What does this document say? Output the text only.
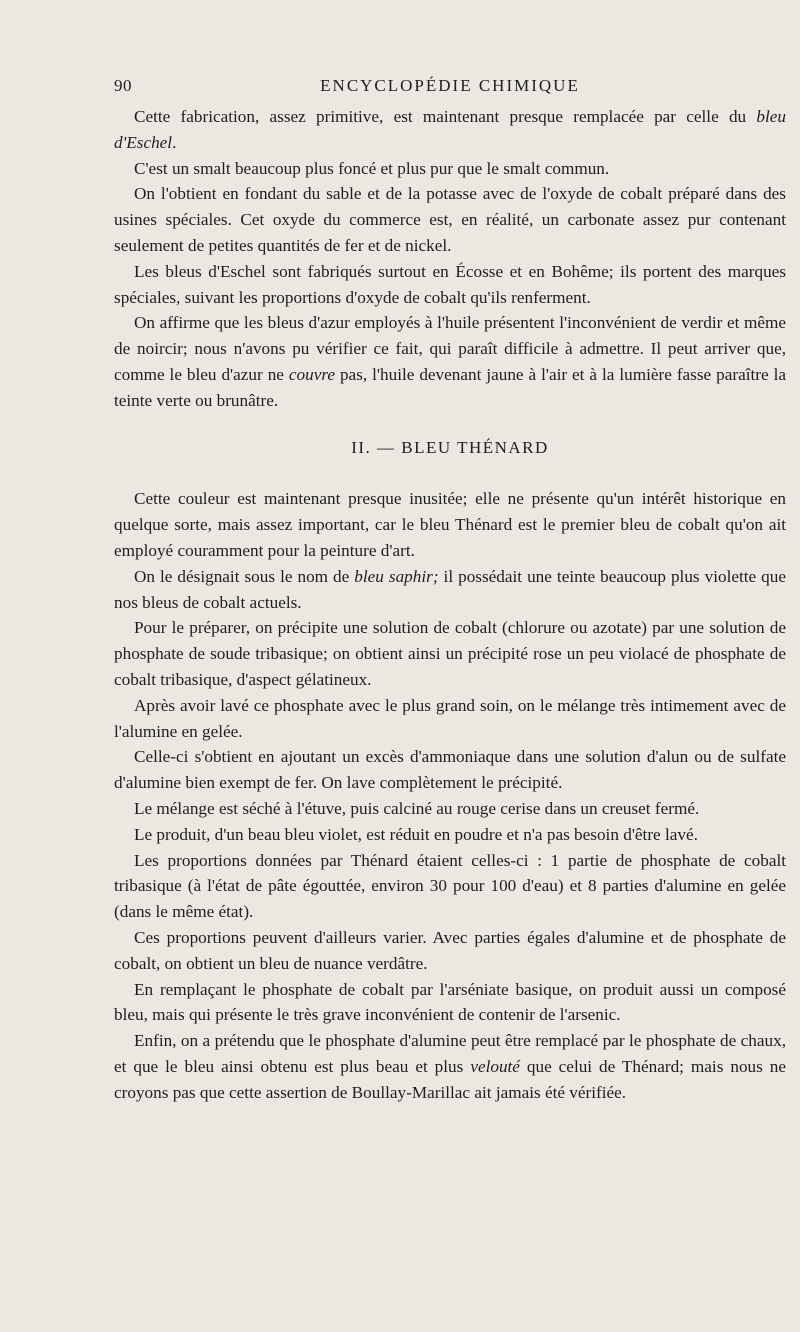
90	ENCYCLOPÉDIE CHIMIQUE

Cette fabrication, assez primitive, est maintenant presque remplacée par celle du bleu d'Eschel.

C'est un smalt beaucoup plus foncé et plus pur que le smalt commun.

On l'obtient en fondant du sable et de la potasse avec de l'oxyde de cobalt préparé dans des usines spéciales. Cet oxyde du commerce est, en réalité, un carbonate assez pur contenant seulement de petites quantités de fer et de nickel.

Les bleus d'Eschel sont fabriqués surtout en Écosse et en Bohême; ils portent des marques spéciales, suivant les proportions d'oxyde de cobalt qu'ils renferment.

On affirme que les bleus d'azur employés à l'huile présentent l'inconvénient de verdir et même de noircir; nous n'avons pu vérifier ce fait, qui paraît difficile à admettre. Il peut arriver que, comme le bleu d'azur ne couvre pas, l'huile devenant jaune à l'air et à la lumière fasse paraître la teinte verte ou brunâtre.

II. — BLEU THÉNARD

Cette couleur est maintenant presque inusitée; elle ne présente qu'un intérêt historique en quelque sorte, mais assez important, car le bleu Thénard est le premier bleu de cobalt qu'on ait employé couramment pour la peinture d'art.

On le désignait sous le nom de bleu saphir; il possédait une teinte beaucoup plus violette que nos bleus de cobalt actuels.

Pour le préparer, on précipite une solution de cobalt (chlorure ou azotate) par une solution de phosphate de soude tribasique; on obtient ainsi un précipité rose un peu violacé de phosphate de cobalt tribasique, d'aspect gélatineux.

Après avoir lavé ce phosphate avec le plus grand soin, on le mélange très intimement avec de l'alumine en gelée.

Celle-ci s'obtient en ajoutant un excès d'ammoniaque dans une solution d'alun ou de sulfate d'alumine bien exempt de fer. On lave complètement le précipité.

Le mélange est séché à l'étuve, puis calciné au rouge cerise dans un creuset fermé.

Le produit, d'un beau bleu violet, est réduit en poudre et n'a pas besoin d'être lavé.

Les proportions données par Thénard étaient celles-ci : 1 partie de phosphate de cobalt tribasique (à l'état de pâte égouttée, environ 30 pour 100 d'eau) et 8 parties d'alumine en gelée (dans le même état).

Ces proportions peuvent d'ailleurs varier. Avec parties égales d'alumine et de phosphate de cobalt, on obtient un bleu de nuance verdâtre.

En remplaçant le phosphate de cobalt par l'arséniate basique, on produit aussi un composé bleu, mais qui présente le très grave inconvénient de contenir de l'arsenic.

Enfin, on a prétendu que le phosphate d'alumine peut être remplacé par le phosphate de chaux, et que le bleu ainsi obtenu est plus beau et plus velouté que celui de Thénard; mais nous ne croyons pas que cette assertion de Boullay-Marillac ait jamais été vérifiée.
